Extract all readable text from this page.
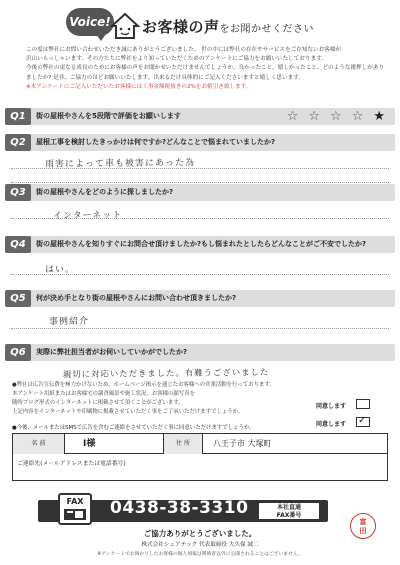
Voice! お客様の声をお聞かせください

この度は弊社にお問い合わせいただき誠にありがとうございました。 世の中には弊社の存在やサービスをご存知ないお客様が

沢山いらっしゃいます。その方たちに弊社をより知っていただくためのアンケートにご協力をお願いいたしております。

今後の弊社の更なる成長のためにお客様の声をお聞かせいただけませんでしょうか。良かったこと、嬉しかったこと、どのような後押しがあり

ましたか? 是非、ご協力のほどお願いいたします。出来るだけ具体的にご記入くださいますと嬉しく思います。

※本アンケートにご記入いただいたお客様には工事金額税抜きの2%をお値引き致します。

Q1	街の屋根やさんを5段階で評価をお願いします	☆ ☆ ☆ ☆ ★
Q2	屋根工事を検討したきっかけは何ですか?どんなことで悩まれていましたか?
雨害によって車も被害にあった為
Q3	街の屋根やさんをどのように探しましたか?
インターネット
Q4	街の屋根やさんを知りすぐにお問合せ頂けましたか?もし悩まれたとしたらどんなことがご不安でしたか?
はい。
Q5	何が決め手となり街の屋根やさんにお問い合わせ頂きましたか?
事例紹介
Q6	実際に弊社担当者がお伺いしていかがでしたか?
親切に対応いただきました。有難うございました

●弊社は広告宣伝費を極力かけないため、ホームページ掲示を通じたお客様への営業活動を行っております。

本アンケート用紙またはお客様宅の調査風景や施工状況、お客様の顔写真を

随時ブログ形式のインターネットに掲載させて頂くことがございます。

上記内容をインターネットや印刷物に掲載させていただく事をご了承いただけますでしょうか。

同意します
同意します ✓
●今後、メールまたはSMSで広告を含むご連絡をさせていただく事に同意いただけますでしょうか。
名 前	I様	住 所	八王子市 大塚町
ご連絡先(メールアドレスまたは電話番号)
FAX	0438-38-3310	本社直通
FAX番号
ご協力ありがとうございました。
株式会社シェアテック 代表取締役 大久保 誠二
※アンケートでお預かりしたお客様の個人情報は関係者以外に公開されることはございません。
富
田
